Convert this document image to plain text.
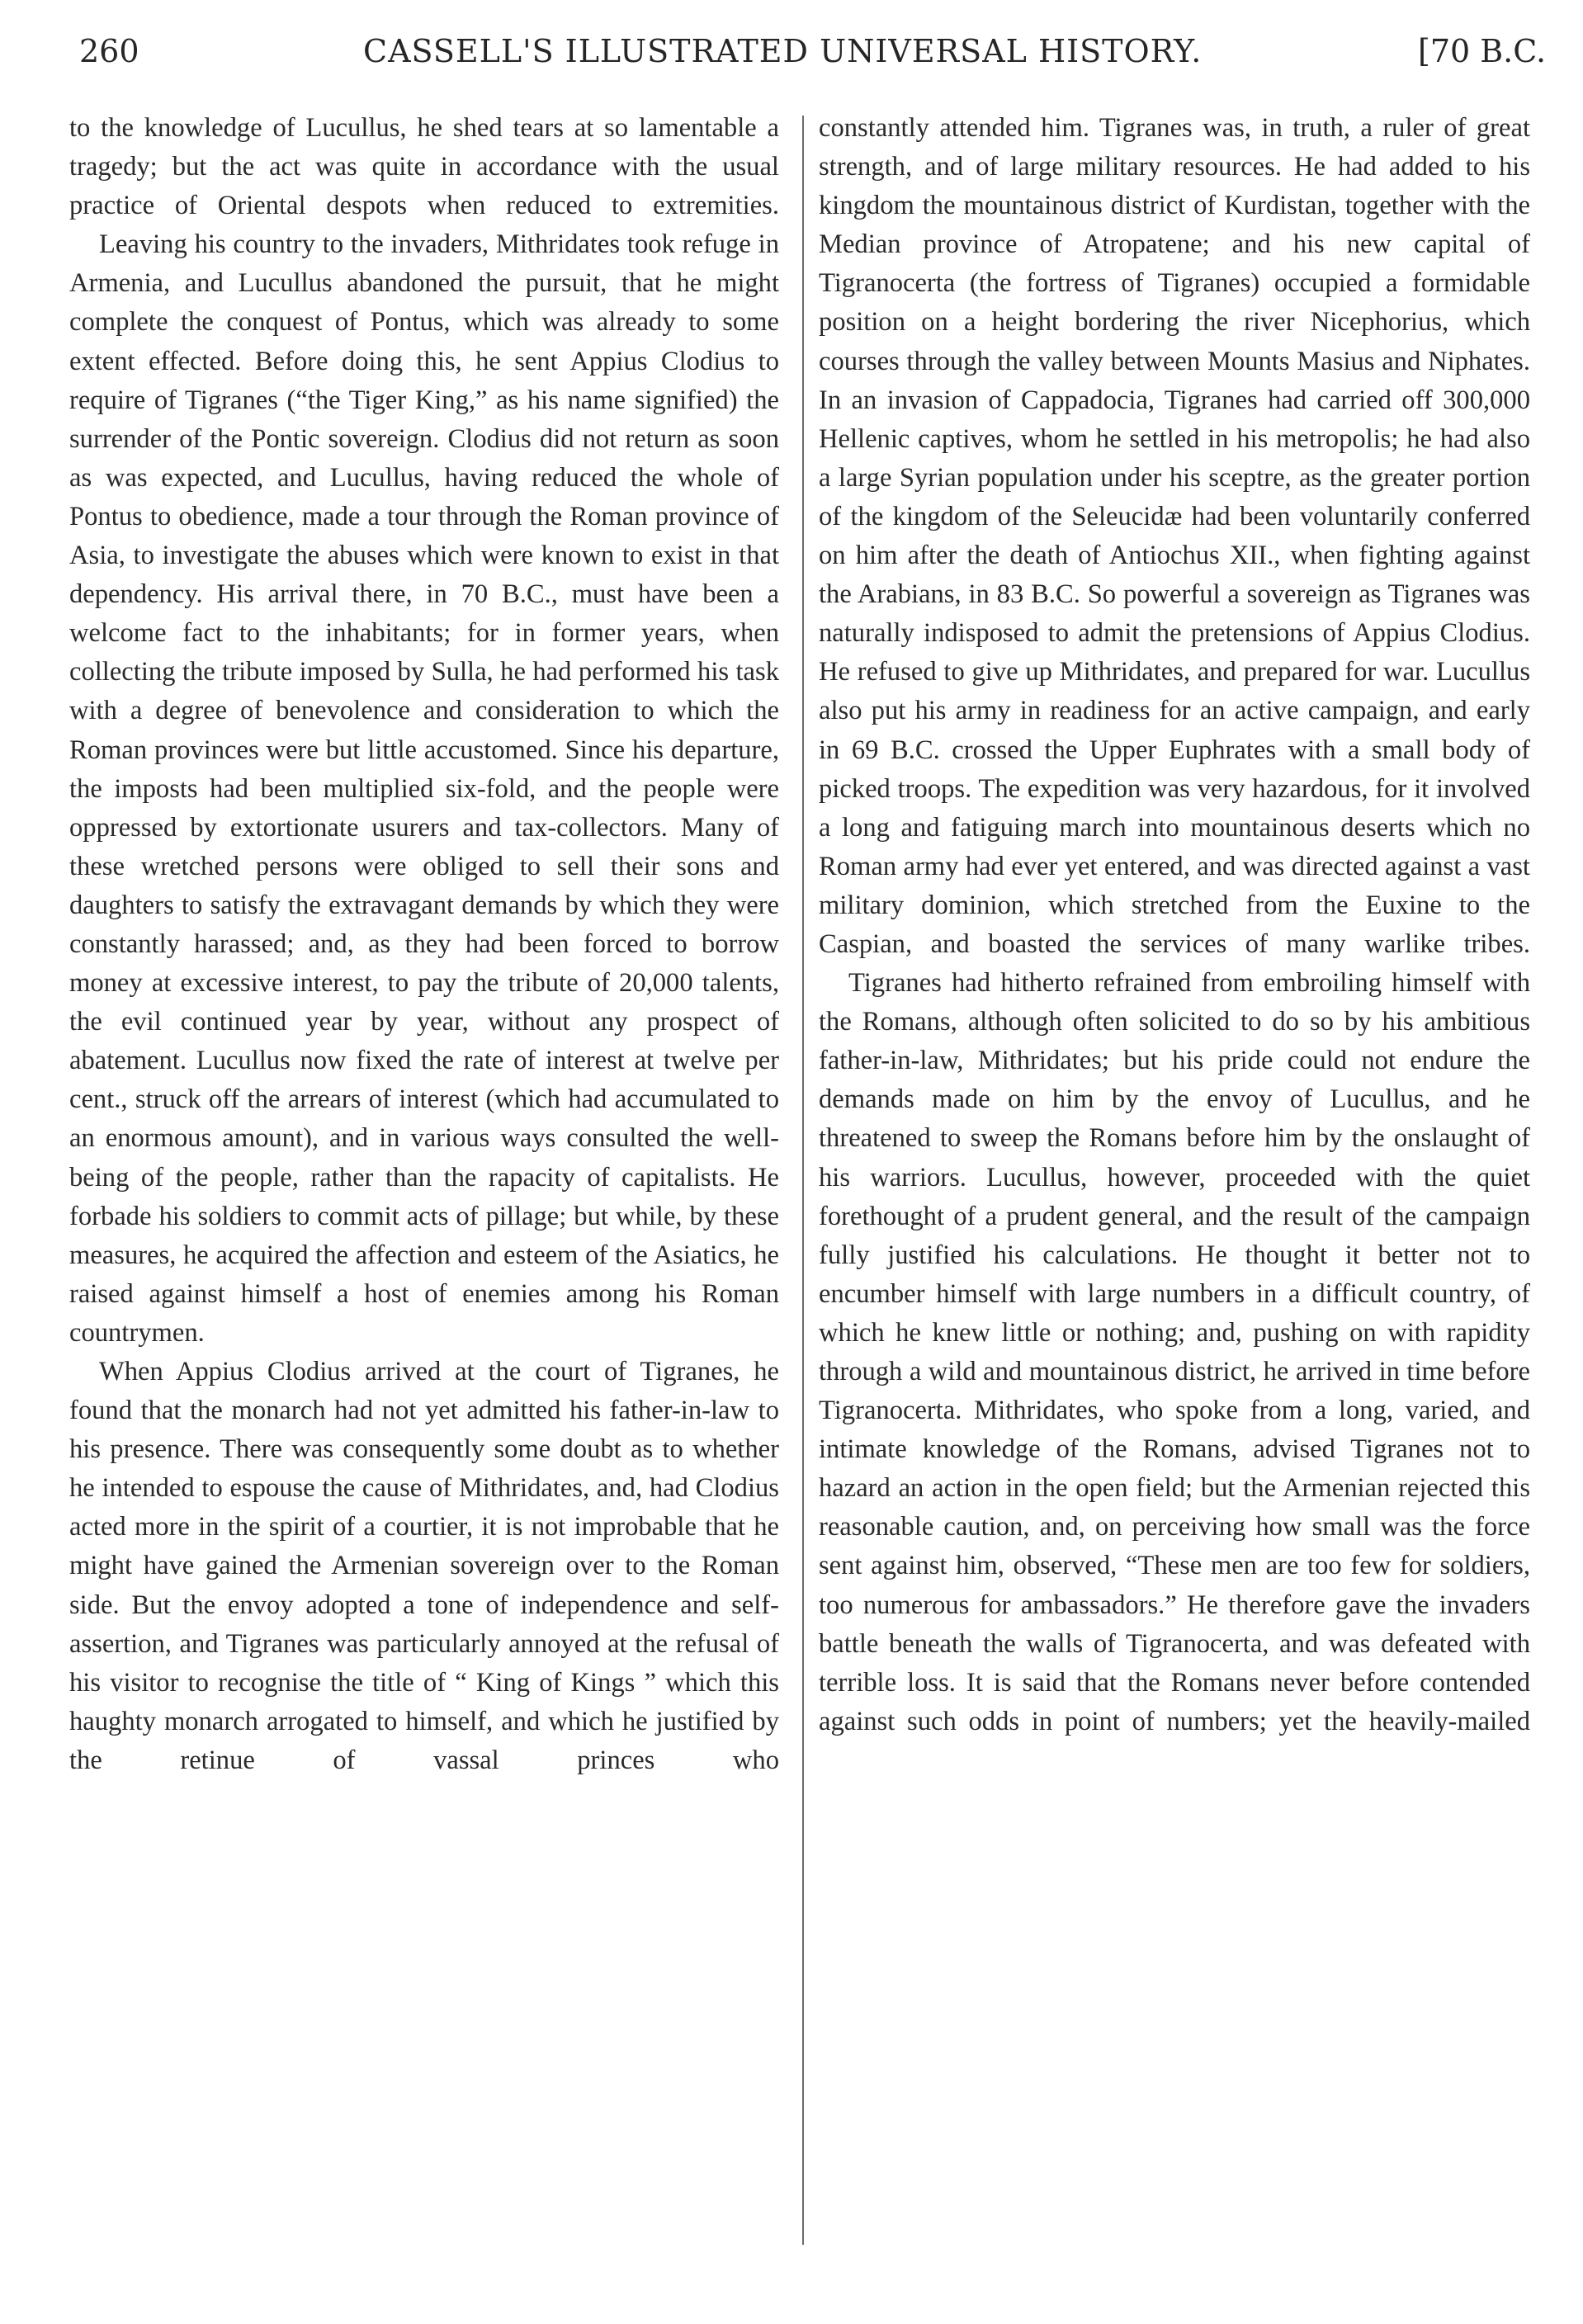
260	CASSELL'S ILLUSTRATED UNIVERSAL HISTORY.	[70 B.C.

to the knowledge of Lucullus, he shed tears at so lamentable a tragedy; but the act was quite in accordance with the usual practice of Oriental despots when reduced to extremities.

Leaving his country to the invaders, Mithridates took refuge in Armenia, and Lucullus abandoned the pursuit, that he might complete the conquest of Pontus, which was already to some extent effected. Before doing this, he sent Appius Clodius to require of Tigranes (“the Tiger King,” as his name signified) the surrender of the Pontic sovereign. Clodius did not return as soon as was expected, and Lucullus, having reduced the whole of Pontus to obedience, made a tour through the Roman province of Asia, to investigate the abuses which were known to exist in that dependency. His arrival there, in 70 B.C., must have been a welcome fact to the inhabitants; for in former years, when collecting the tribute imposed by Sulla, he had performed his task with a degree of benevolence and consideration to which the Roman provinces were but little accustomed. Since his departure, the imposts had been multiplied six-fold, and the people were oppressed by extortionate usurers and tax-collectors. Many of these wretched persons were obliged to sell their sons and daughters to satisfy the extravagant demands by which they were constantly harassed; and, as they had been forced to borrow money at excessive interest, to pay the tribute of 20,000 talents, the evil continued year by year, without any prospect of abatement. Lucullus now fixed the rate of interest at twelve per cent., struck off the arrears of interest (which had accumulated to an enormous amount), and in various ways consulted the well-being of the people, rather than the rapacity of capitalists. He forbade his soldiers to commit acts of pillage; but while, by these measures, he acquired the affection and esteem of the Asiatics, he raised against himself a host of enemies among his Roman countrymen.

When Appius Clodius arrived at the court of Tigranes, he found that the monarch had not yet admitted his father-in-law to his presence. There was consequently some doubt as to whether he intended to espouse the cause of Mithridates, and, had Clodius acted more in the spirit of a courtier, it is not improbable that he might have gained the Armenian sovereign over to the Roman side. But the envoy adopted a tone of independence and self-assertion, and Tigranes was particularly annoyed at the refusal of his visitor to recognise the title of “ King of Kings ” which this haughty monarch arrogated to himself, and which he justified by the retinue of vassal princes who

constantly attended him. Tigranes was, in truth, a ruler of great strength, and of large military resources. He had added to his kingdom the mountainous district of Kurdistan, together with the Median province of Atropatene; and his new capital of Tigranocerta (the fortress of Tigranes) occupied a formidable position on a height bordering the river Nicephorius, which courses through the valley between Mounts Masius and Niphates. In an invasion of Cappadocia, Tigranes had carried off 300,000 Hellenic captives, whom he settled in his metropolis; he had also a large Syrian population under his sceptre, as the greater portion of the kingdom of the Seleucidæ had been voluntarily conferred on him after the death of Antiochus XII., when fighting against the Arabians, in 83 B.C. So powerful a sovereign as Tigranes was naturally indisposed to admit the pretensions of Appius Clodius. He refused to give up Mithridates, and prepared for war. Lucullus also put his army in readiness for an active campaign, and early in 69 B.C. crossed the Upper Euphrates with a small body of picked troops. The expedition was very hazardous, for it involved a long and fatiguing march into mountainous deserts which no Roman army had ever yet entered, and was directed against a vast military dominion, which stretched from the Euxine to the Caspian, and boasted the services of many warlike tribes.

Tigranes had hitherto refrained from embroiling himself with the Romans, although often solicited to do so by his ambitious father-in-law, Mithridates; but his pride could not endure the demands made on him by the envoy of Lucullus, and he threatened to sweep the Romans before him by the onslaught of his warriors. Lucullus, however, proceeded with the quiet forethought of a prudent general, and the result of the campaign fully justified his calculations. He thought it better not to encumber himself with large numbers in a difficult country, of which he knew little or nothing; and, pushing on with rapidity through a wild and mountainous district, he arrived in time before Tigranocerta. Mithridates, who spoke from a long, varied, and intimate knowledge of the Romans, advised Tigranes not to hazard an action in the open field; but the Armenian rejected this reasonable caution, and, on perceiving how small was the force sent against him, observed, “These men are too few for soldiers, too numerous for ambassadors.” He therefore gave the invaders battle beneath the walls of Tigranocerta, and was defeated with terrible loss. It is said that the Romans never before contended against such odds in point of numbers; yet the heavily-mailed
